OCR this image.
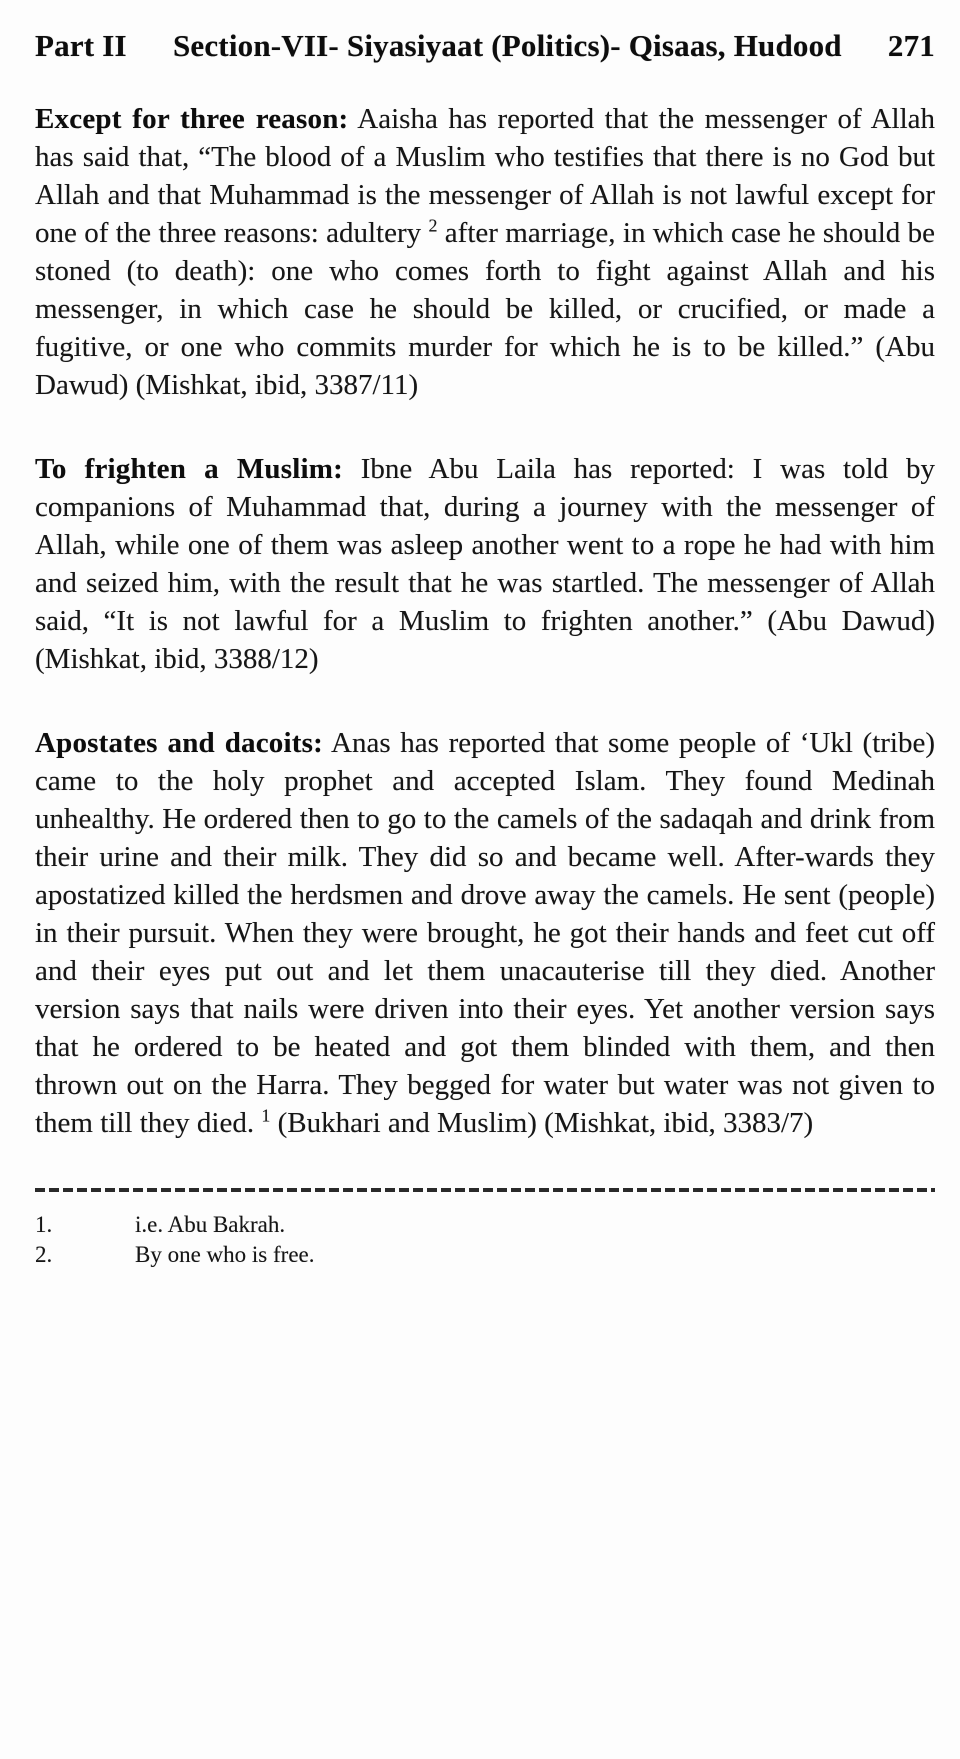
Part II Section-VII- Siyasiyaat (Politics)- Qisaas, Hudood 271

Except for three reason: Aaisha has reported that the messenger of Allah has said that, “The blood of a Muslim who testifies that there is no God but Allah and that Muhammad is the messenger of Allah is not lawful except for one of the three reasons: adultery $^2$ after marriage, in which case he should be stoned (to death): one who comes forth to fight against Allah and his messenger, in which case he should be killed, or crucified, or made a fugitive, or one who commits murder for which he is to be killed.” (Abu Dawud) (Mishkat, ibid, 3387/11)

To frighten a Muslim: Ibne Abu Laila has reported: I was told by companions of Muhammad that, during a journey with the messenger of Allah, while one of them was asleep another went to a rope he had with him and seized him, with the result that he was startled. The messenger of Allah said, “It is not lawful for a Muslim to frighten another.” (Abu Dawud) (Mishkat, ibid, 3388/12)

Apostates and dacoits: Anas has reported that some people of ‘Ukl (tribe) came to the holy prophet and accepted Islam. They found Medinah unhealthy. He ordered then to go to the camels of the sadaqah and drink from their urine and their milk. They did so and became well. After-wards they apostatized killed the herdsmen and drove away the camels. He sent (people) in their pursuit. When they were brought, he got their hands and feet cut off and their eyes put out and let them unacauterise till they died. Another version says that nails were driven into their eyes. Yet another version says that he ordered to be heated and got them blinded with them, and then thrown out on the Harra. They begged for water but water was not given to them till they died. $^1$ (Bukhari and Muslim) (Mishkat, ibid, 3383/7)

1.	i.e. Abu Bakrah.
2.	By one who is free.
